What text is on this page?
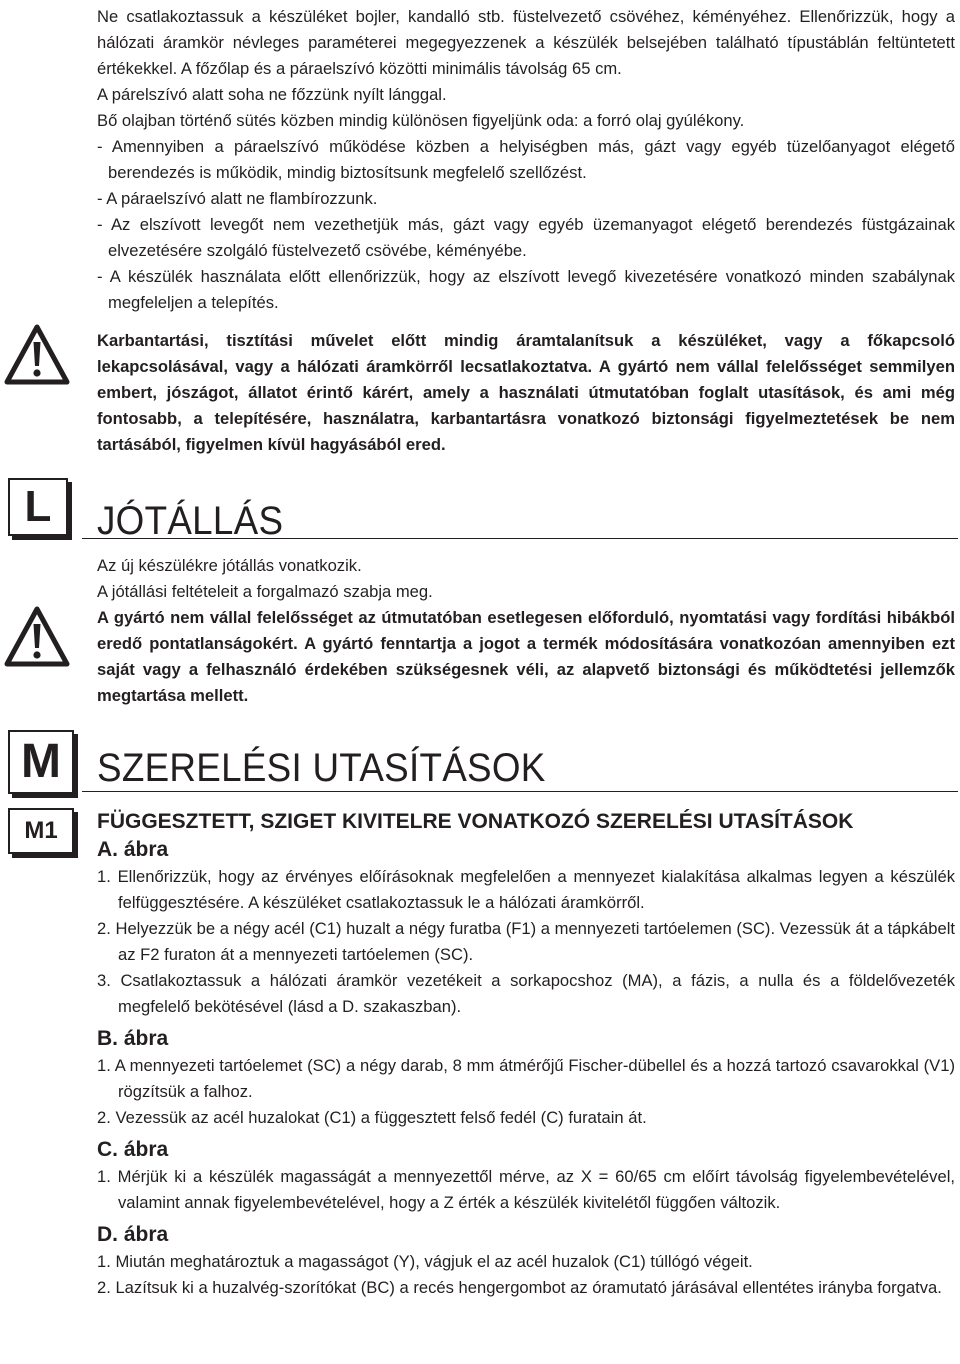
L
M
M1

Ne csatlakoztassuk a készüléket bojler, kandalló stb. füstelvezető csövéhez, kéményéhez. Ellenőrizzük, hogy a hálózati áramkör névleges paraméterei megegyezzenek a készülék belsejében található típustáblán feltüntetett értékekkel. A főzőlap és a páraelszívó közötti minimális távolság 65 cm.

A párelszívó alatt soha ne főzzünk nyílt lánggal.

Bő olajban történő sütés közben mindig különösen figyeljünk oda: a forró olaj gyúlékony.

- Amennyiben a páraelszívó működése közben a helyiségben más, gázt vagy egyéb tüzelőanyagot elégető berendezés is működik, mindig biztosítsunk megfelelő szellőzést.

- A páraelszívó alatt ne flambírozzunk.

- Az elszívott levegőt nem vezethetjük más, gázt vagy egyéb üzemanyagot elégető berendezés füstgázainak elvezetésére szolgáló füstelvezető csövébe, kéményébe.

- A készülék használata előtt ellenőrizzük, hogy az elszívott levegő kivezetésére vonatkozó minden szabálynak megfeleljen a telepítés.

Karbantartási, tisztítási művelet előtt mindig áramtalanítsuk a készüléket, vagy a főkapcsoló lekapcsolásával, vagy a hálózati áramkörről lecsatlakoztatva. A gyártó nem vállal felelősséget semmilyen embert, jószágot, állatot érintő kárért, amely a használati útmutatóban foglalt utasítások, és ami még fontosabb, a telepítésére, használatra, karbantartásra vonatkozó biztonsági figyelmeztetések be nem tartásából, figyelmen kívül hagyásából ered.

JÓTÁLLÁS

Az új készülékre jótállás vonatkozik.

A jótállási feltételeit a forgalmazó szabja meg.

A gyártó nem vállal felelősséget az útmutatóban esetlegesen előforduló, nyomtatási vagy fordítási hibákból eredő pontatlanságokért. A gyártó fenntartja a jogot a termék módosítására vonatkozóan amennyiben ezt saját vagy a felhasználó érdekében szükségesnek véli, az alapvető biztonsági és működtetési jellemzők megtartása mellett.

SZERELÉSI UTASÍTÁSOK
FÜGGESZTETT, SZIGET KIVITELRE VONATKOZÓ SZERELÉSI UTASÍTÁSOK
A. ábra

1. Ellenőrizzük, hogy az érvényes előírásoknak megfelelően a mennyezet kialakítása alkalmas legyen a készülék felfüggesztésére. A készüléket csatlakoztassuk le a hálózati áramkörről.

2. Helyezzük be a négy acél (C1) huzalt a négy furatba (F1) a mennyezeti tartóelemen (SC). Vezessük át a tápkábelt az F2 furaton át a mennyezeti tartóelemen (SC).

3. Csatlakoztassuk a hálózati áramkör vezetékeit a sorkapocshoz (MA), a fázis, a nulla és a földelővezeték megfelelő bekötésével (lásd a D. szakaszban).

B. ábra

1. A mennyezeti tartóelemet (SC) a négy darab, 8 mm átmérőjű Fischer-dübellel és a hozzá tartozó csavarokkal (V1) rögzítsük a falhoz.

2. Vezessük az acél huzalokat (C1) a függesztett felső fedél (C) furatain át.

C. ábra

1. Mérjük ki a készülék magasságát a mennyezettől mérve, az X = 60/65 cm előírt távolság figyelembevételével, valamint annak figyelembevételével, hogy a Z érték a készülék kivitelétől függően változik.

D. ábra

1. Miután meghatároztuk a magasságot (Y), vágjuk el az acél huzalok (C1) túllógó végeit.

2. Lazítsuk ki a huzalvég-szorítókat (BC) a recés hengergombot az óramutató járásával ellentétes irányba forgatva.
